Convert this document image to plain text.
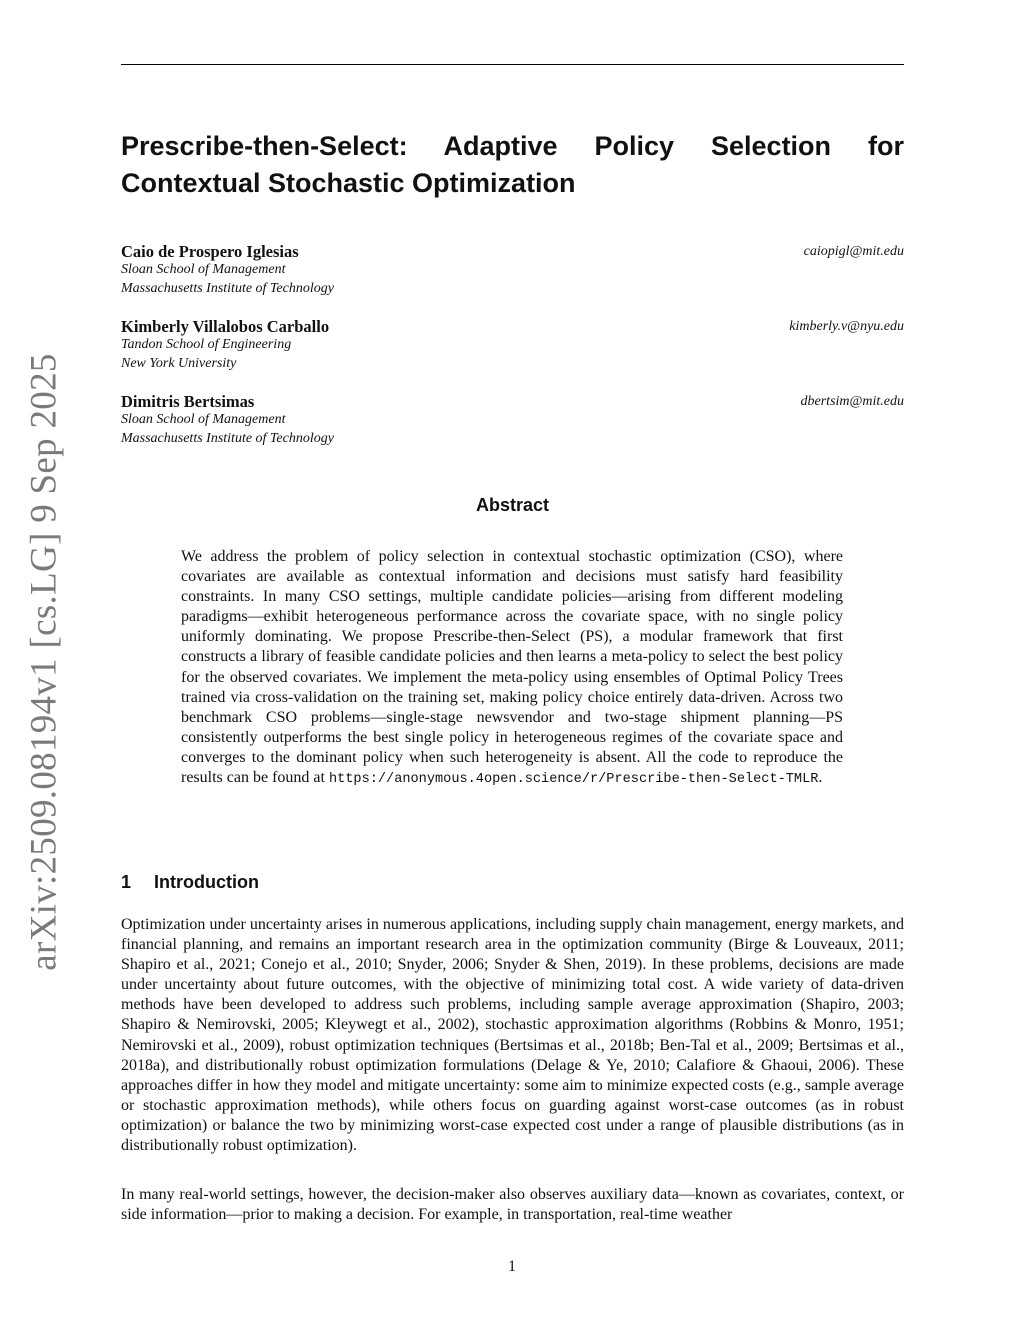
arXiv:2509.08194v1 [cs.LG] 9 Sep 2025
Prescribe-then-Select: Adaptive Policy Selection for Contextual Stochastic Optimization
Caio de Prospero Iglesias	caiopigl@mit.edu
Sloan School of Management
Massachusetts Institute of Technology
Kimberly Villalobos Carballo	kimberly.v@nyu.edu
Tandon School of Engineering
New York University
Dimitris Bertsimas	dbertsim@mit.edu
Sloan School of Management
Massachusetts Institute of Technology
Abstract

We address the problem of policy selection in contextual stochastic optimization (CSO), where covariates are available as contextual information and decisions must satisfy hard feasibility constraints. In many CSO settings, multiple candidate policies—arising from different modeling paradigms—exhibit heterogeneous performance across the covariate space, with no single policy uniformly dominating. We propose Prescribe-then-Select (PS), a modular framework that first constructs a library of feasible candidate policies and then learns a meta-policy to select the best policy for the observed covariates. We implement the meta-policy using ensembles of Optimal Policy Trees trained via cross-validation on the training set, making policy choice entirely data-driven. Across two benchmark CSO problems—single-stage newsvendor and two-stage shipment planning—PS consistently outperforms the best single policy in heterogeneous regimes of the covariate space and converges to the dominant policy when such heterogeneity is absent. All the code to reproduce the results can be found at https://anonymous.4open.science/r/Prescribe-then-Select-TMLR.

1 Introduction

Optimization under uncertainty arises in numerous applications, including supply chain management, energy markets, and financial planning, and remains an important research area in the optimization community (Birge & Louveaux, 2011; Shapiro et al., 2021; Conejo et al., 2010; Snyder, 2006; Snyder & Shen, 2019). In these problems, decisions are made under uncertainty about future outcomes, with the objective of minimizing total cost. A wide variety of data-driven methods have been developed to address such problems, including sample average approximation (Shapiro, 2003; Shapiro & Nemirovski, 2005; Kleywegt et al., 2002), stochastic approximation algorithms (Robbins & Monro, 1951; Nemirovski et al., 2009), robust optimization techniques (Bertsimas et al., 2018b; Ben-Tal et al., 2009; Bertsimas et al., 2018a), and distributionally robust optimization formulations (Delage & Ye, 2010; Calafiore & Ghaoui, 2006). These approaches differ in how they model and mitigate uncertainty: some aim to minimize expected costs (e.g., sample average or stochastic approximation methods), while others focus on guarding against worst-case outcomes (as in robust optimization) or balance the two by minimizing worst-case expected cost under a range of plausible distributions (as in distributionally robust optimization).

In many real-world settings, however, the decision-maker also observes auxiliary data—known as covariates, context, or side information—prior to making a decision. For example, in transportation, real-time weather

1
